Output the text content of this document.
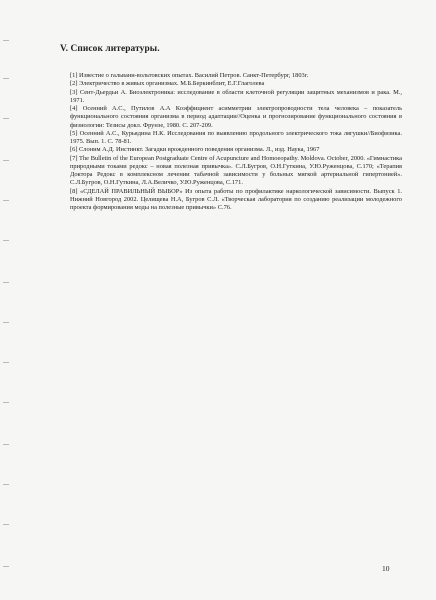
V. Список литературы.

[1] Известие о гальвани-вольтовских опытах. Василий Петров. Санкт-Петербург, 1803г.

[2] Электричество в живых организмах. М.Б.Беркинблит, Е.Г.Глаголева

[3] Сент-Дьердьи А. Биоэлектроника: исследование в области клеточной регуляции защитных механизмов и рака. М., 1971.

[4] Осенний А.С., Путилов А.А Коэффициент асимметрии электропроводности тела человека – показатель функционального состояния организма в период адаптации//Оценка и прогнозирование функционального состояния в физиологии: Тезисы докл. Фрунзе, 1980. С. 207-209.

[5] Осенний А.С., Курьядина Н.К. Исследования по выявлению продольного электрического тока лягушки//Биофизика. 1975. Вып. 1. С. 78-81.

[6] Слоним А.Д. Инстинкт. Загадки врожденного поведения организма. Л., изд. Наука, 1967

[7] The Bulletin of the European Postgraduate Centre of Acupuncture and Homoeopathy. Moldova. October, 2000. «Гимнастика природными токами редокс – новая полезная привычка». С.Л.Бугров, О.Н.Гуткина, У.Ю.Руженцова, С.170; «Терапия Доктора Редокс в комплексном лечении табачной зависимости у больных мягкой артериальной гипертонией». С.Л.Бугров, О.Н.Гуткина, Л.А.Величко, У.Ю.Руженцова, С.171.

[8] «СДЕЛАЙ ПРАВИЛЬНЫЙ ВЫБОР» Из опыта работы по профилактике наркологической зависимости. Выпуск 1. Нижний Новгород 2002. Целищева Н.А, Бугров С.Л. «Творческая лаборатория по созданию реализации молодежного проекта формирования моды на полезные привычки» С.76.

10
